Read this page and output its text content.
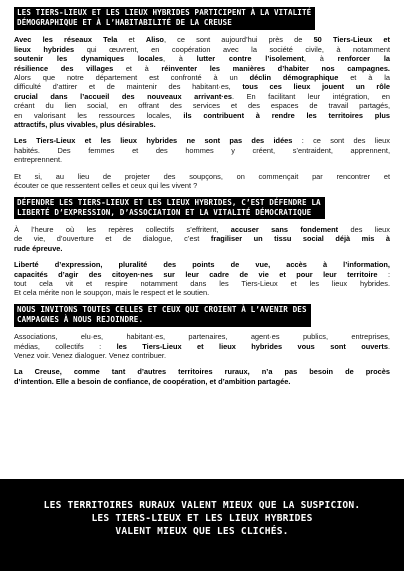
LES TIERS-LIEUX ET LES LIEUX HYBRIDES PARTICIPENT À LA VITALITÉ
DÉMOGRAPHIQUE ET À L’HABITABILITÉ DE LA CREUSE

Avec les réseaux Tela et Aliso, ce sont aujourd’hui près de 50 Tiers-Lieux et
lieux hybrides qui œuvrent, en coopération avec la société civile, à notamment
soutenir les dynamiques locales, à lutter contre l’isolement, à renforcer la
résilience des villages et à réinventer les manières d’habiter nos campagnes.
Alors que notre département est confronté à un déclin démographique et à la
difficulté d’attirer et de maintenir des habitant·es, tous ces lieux jouent un rôle
crucial dans l’accueil des nouveaux arrivant·es. En facilitant leur intégration, en
créant du lien social, en offrant des services et des espaces de travail partagés,
en valorisant les ressources locales, ils contribuent à rendre les territoires plus
attractifs, plus vivables, plus désirables.

Les Tiers-Lieux et les lieux hybrides ne sont pas des idées : ce sont des lieux
habités. Des femmes et des hommes y créent, s’entraident, apprennent,
entreprennent.

Et si, au lieu de projeter des soupçons, on commençait par rencontrer et
écouter ce que ressentent celles et ceux qui les vivent ?

DÉFENDRE LES TIERS-LIEUX ET LES LIEUX HYBRIDES, C’EST DÉFENDRE LA
LIBERTÉ D’EXPRESSION, D’ASSOCIATION ET LA VITALITÉ DÉMOCRATIQUE

À l’heure où les repères collectifs s’effritent, accuser sans fondement des lieux
de vie, d’ouverture et de dialogue, c’est fragiliser un tissu social déjà mis à
rude épreuve.

Liberté d’expression, pluralité des points de vue, accès à l’information,
capacités d’agir des citoyen·nes sur leur cadre de vie et pour leur territoire :
tout cela vit et respire notamment dans les Tiers-Lieux et les lieux hybrides.
Et cela mérite non le soupçon, mais le respect et le soutien.

NOUS INVITONS TOUTES CELLES ET CEUX QUI CROIENT À L’AVENIR DES
CAMPAGNES À NOUS REJOINDRE.

Associations, elu·es, habitant·es, partenaires, agent·es publics, entreprises,
médias, collectifs : les Tiers-Lieux et lieux hybrides vous sont ouverts.
Venez voir. Venez dialoguer. Venez contribuer.

La Creuse, comme tant d’autres territoires ruraux, n’a pas besoin de procès
d’intention. Elle a besoin de confiance, de coopération, et d’ambition partagée.

LES TERRITOIRES RURAUX VALENT MIEUX QUE LA SUSPICION.
LES TIERS-LIEUX ET LES LIEUX HYBRIDES
VALENT MIEUX QUE LES CLICHÉS.
